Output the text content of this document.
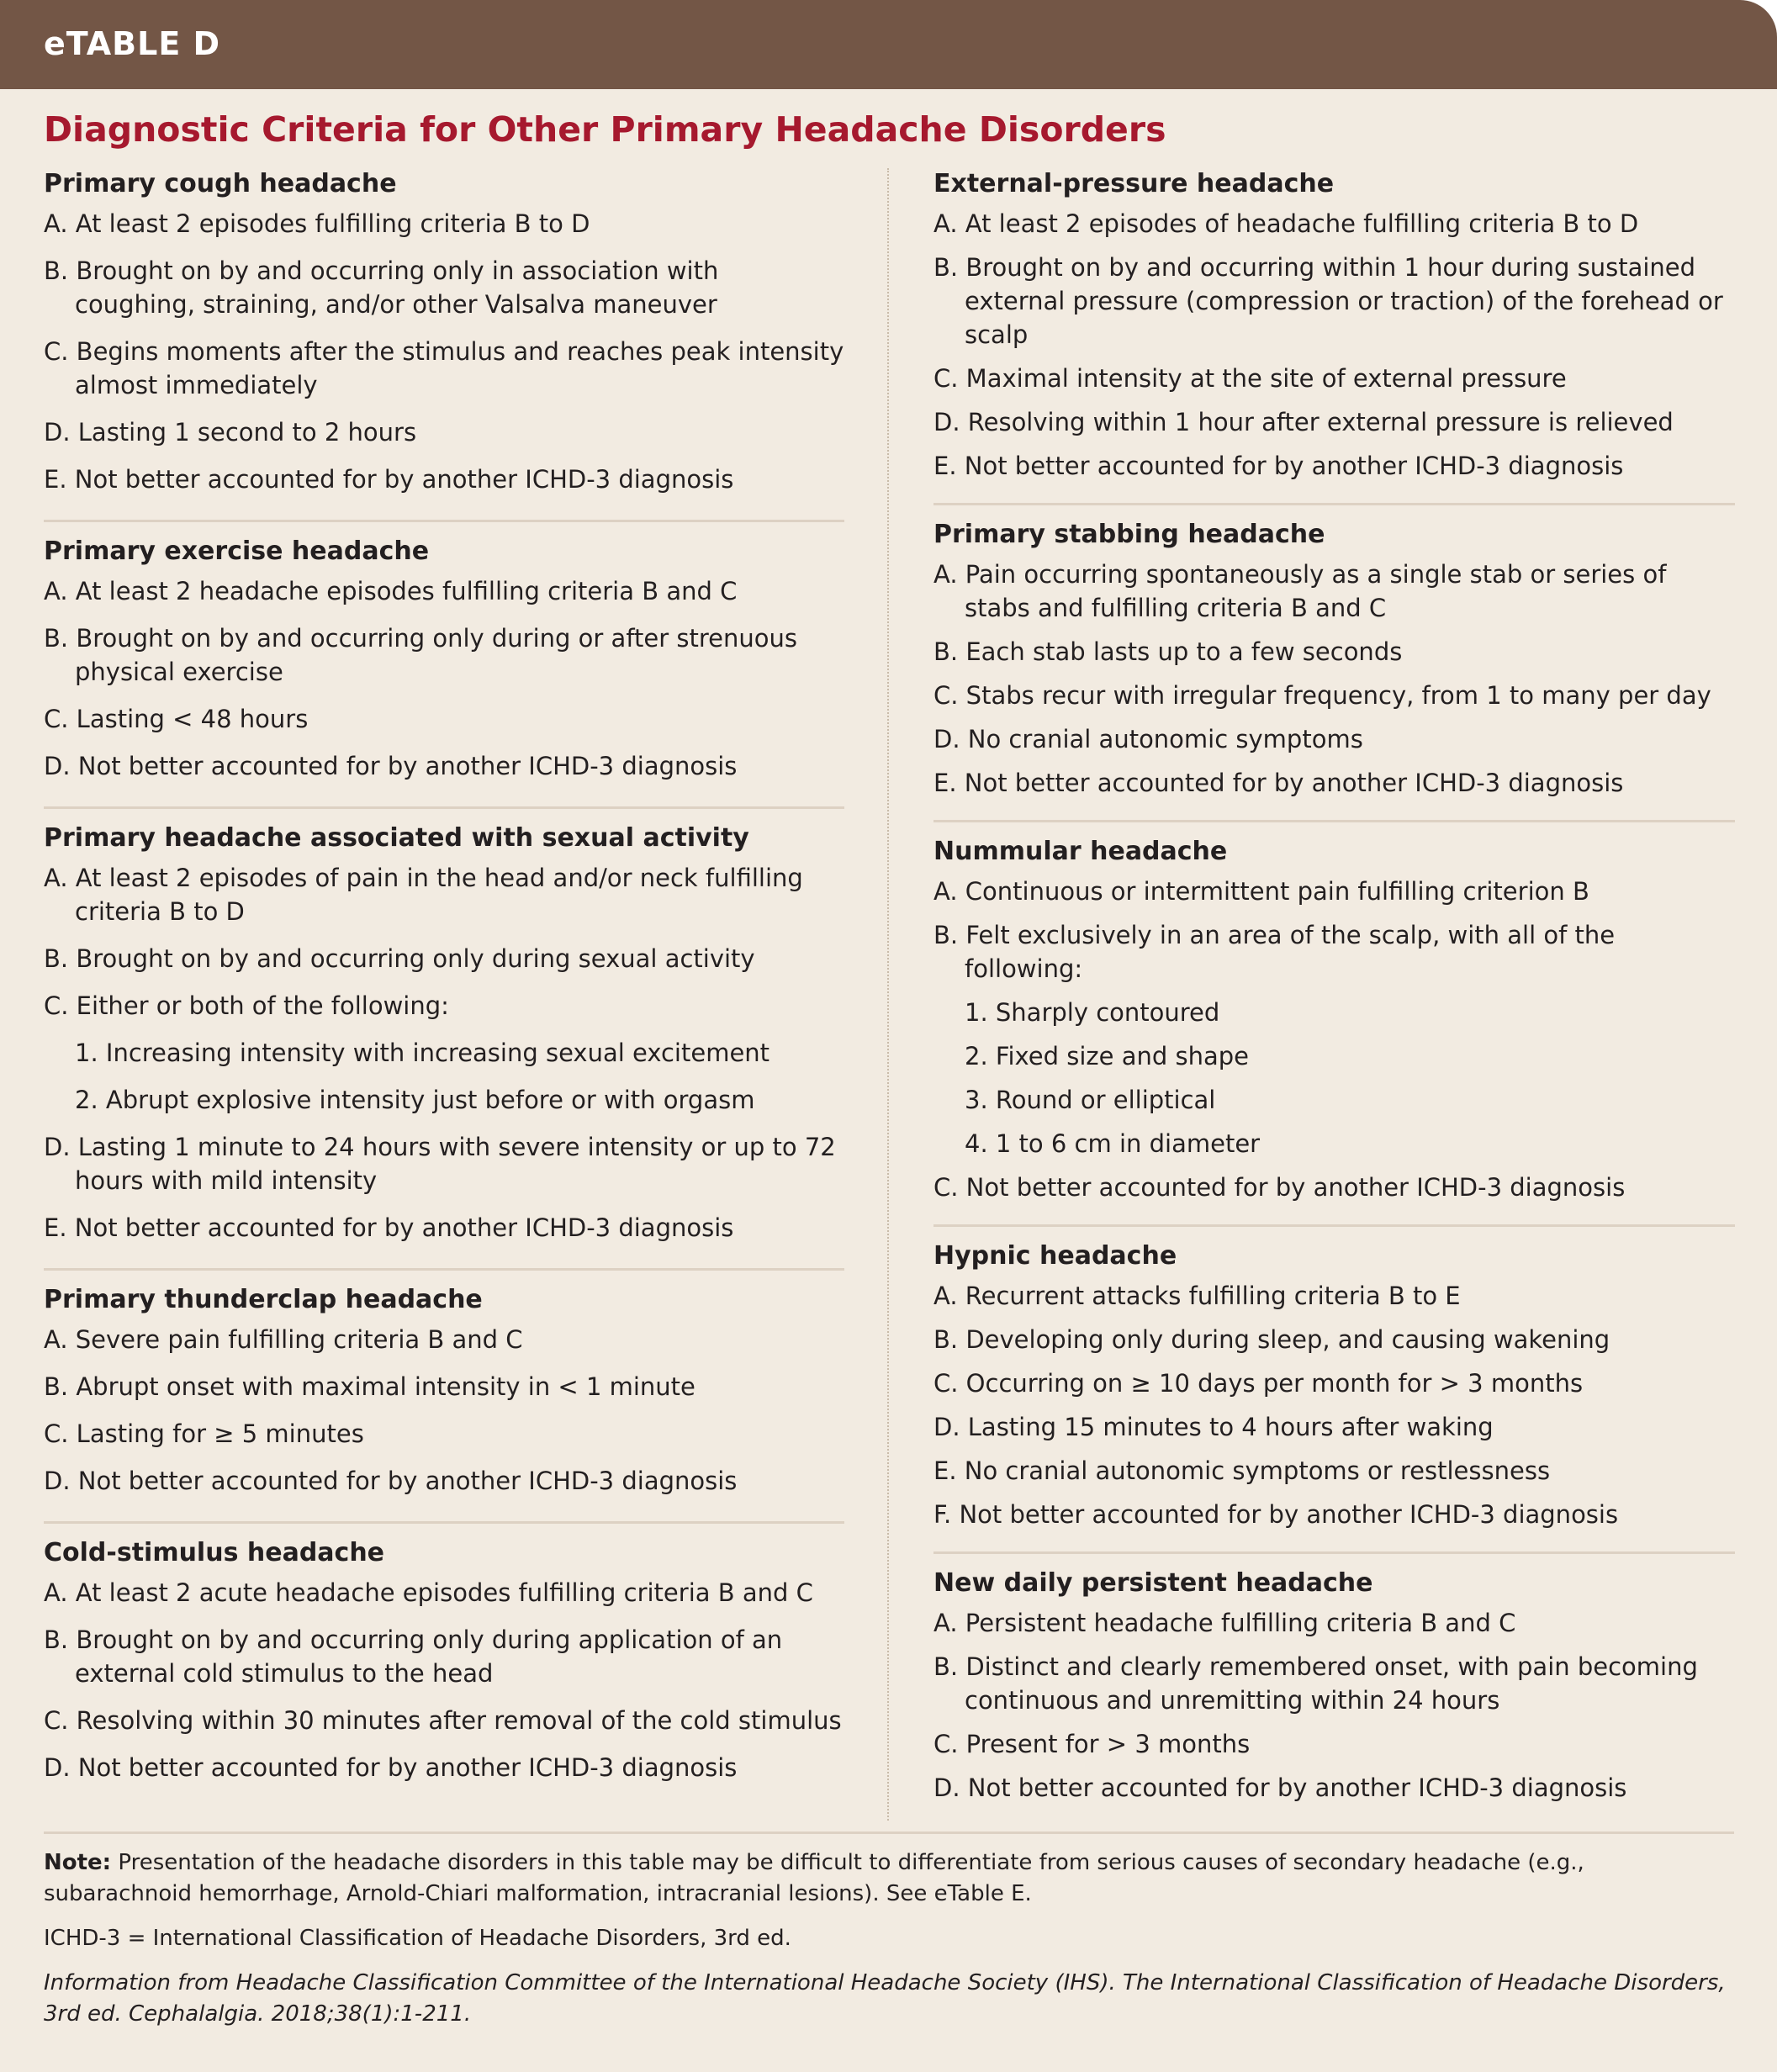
eTABLE D
Diagnostic Criteria for Other Primary Headache Disorders
Primary cough headache
A. At least 2 episodes fulfilling criteria B to D
B. Brought on by and occurring only in association with coughing, straining, and/or other Valsalva maneuver
C. Begins moments after the stimulus and reaches peak intensity almost immediately
D. Lasting 1 second to 2 hours
E. Not better accounted for by another ICHD-3 diagnosis
Primary exercise headache
A. At least 2 headache episodes fulfilling criteria B and C
B. Brought on by and occurring only during or after strenuous physical exercise
C. Lasting < 48 hours
D. Not better accounted for by another ICHD-3 diagnosis
Primary headache associated with sexual activity
A. At least 2 episodes of pain in the head and/or neck fulfilling criteria B to D
B. Brought on by and occurring only during sexual activity
C. Either or both of the following:
1. Increasing intensity with increasing sexual excitement
2. Abrupt explosive intensity just before or with orgasm
D. Lasting 1 minute to 24 hours with severe intensity or up to 72 hours with mild intensity
E. Not better accounted for by another ICHD-3 diagnosis
Primary thunderclap headache
A. Severe pain fulfilling criteria B and C
B. Abrupt onset with maximal intensity in < 1 minute
C. Lasting for ≥ 5 minutes
D. Not better accounted for by another ICHD-3 diagnosis
Cold-stimulus headache
A. At least 2 acute headache episodes fulfilling criteria B and C
B. Brought on by and occurring only during application of an external cold stimulus to the head
C. Resolving within 30 minutes after removal of the cold stimulus
D. Not better accounted for by another ICHD-3 diagnosis
External-pressure headache
A. At least 2 episodes of headache fulfilling criteria B to D
B. Brought on by and occurring within 1 hour during sustained external pressure (compression or traction) of the forehead or scalp
C. Maximal intensity at the site of external pressure
D. Resolving within 1 hour after external pressure is relieved
E. Not better accounted for by another ICHD-3 diagnosis
Primary stabbing headache
A. Pain occurring spontaneously as a single stab or series of stabs and fulfilling criteria B and C
B. Each stab lasts up to a few seconds
C. Stabs recur with irregular frequency, from 1 to many per day
D. No cranial autonomic symptoms
E. Not better accounted for by another ICHD-3 diagnosis
Nummular headache
A. Continuous or intermittent pain fulfilling criterion B
B. Felt exclusively in an area of the scalp, with all of the following:
1. Sharply contoured
2. Fixed size and shape
3. Round or elliptical
4. 1 to 6 cm in diameter
C. Not better accounted for by another ICHD-3 diagnosis
Hypnic headache
A. Recurrent attacks fulfilling criteria B to E
B. Developing only during sleep, and causing wakening
C. Occurring on ≥ 10 days per month for > 3 months
D. Lasting 15 minutes to 4 hours after waking
E. No cranial autonomic symptoms or restlessness
F. Not better accounted for by another ICHD-3 diagnosis
New daily persistent headache
A. Persistent headache fulfilling criteria B and C
B. Distinct and clearly remembered onset, with pain becoming continuous and unremitting within 24 hours
C. Present for > 3 months
D. Not better accounted for by another ICHD-3 diagnosis
Note: Presentation of the headache disorders in this table may be difficult to differentiate from serious causes of secondary headache (e.g., subarachnoid hemorrhage, Arnold-Chiari malformation, intracranial lesions). See eTable E.
ICHD-3 = International Classification of Headache Disorders, 3rd ed.
Information from Headache Classification Committee of the International Headache Society (IHS). The International Classification of Headache Disorders, 3rd ed. Cephalalgia. 2018;38(1):1-211.
